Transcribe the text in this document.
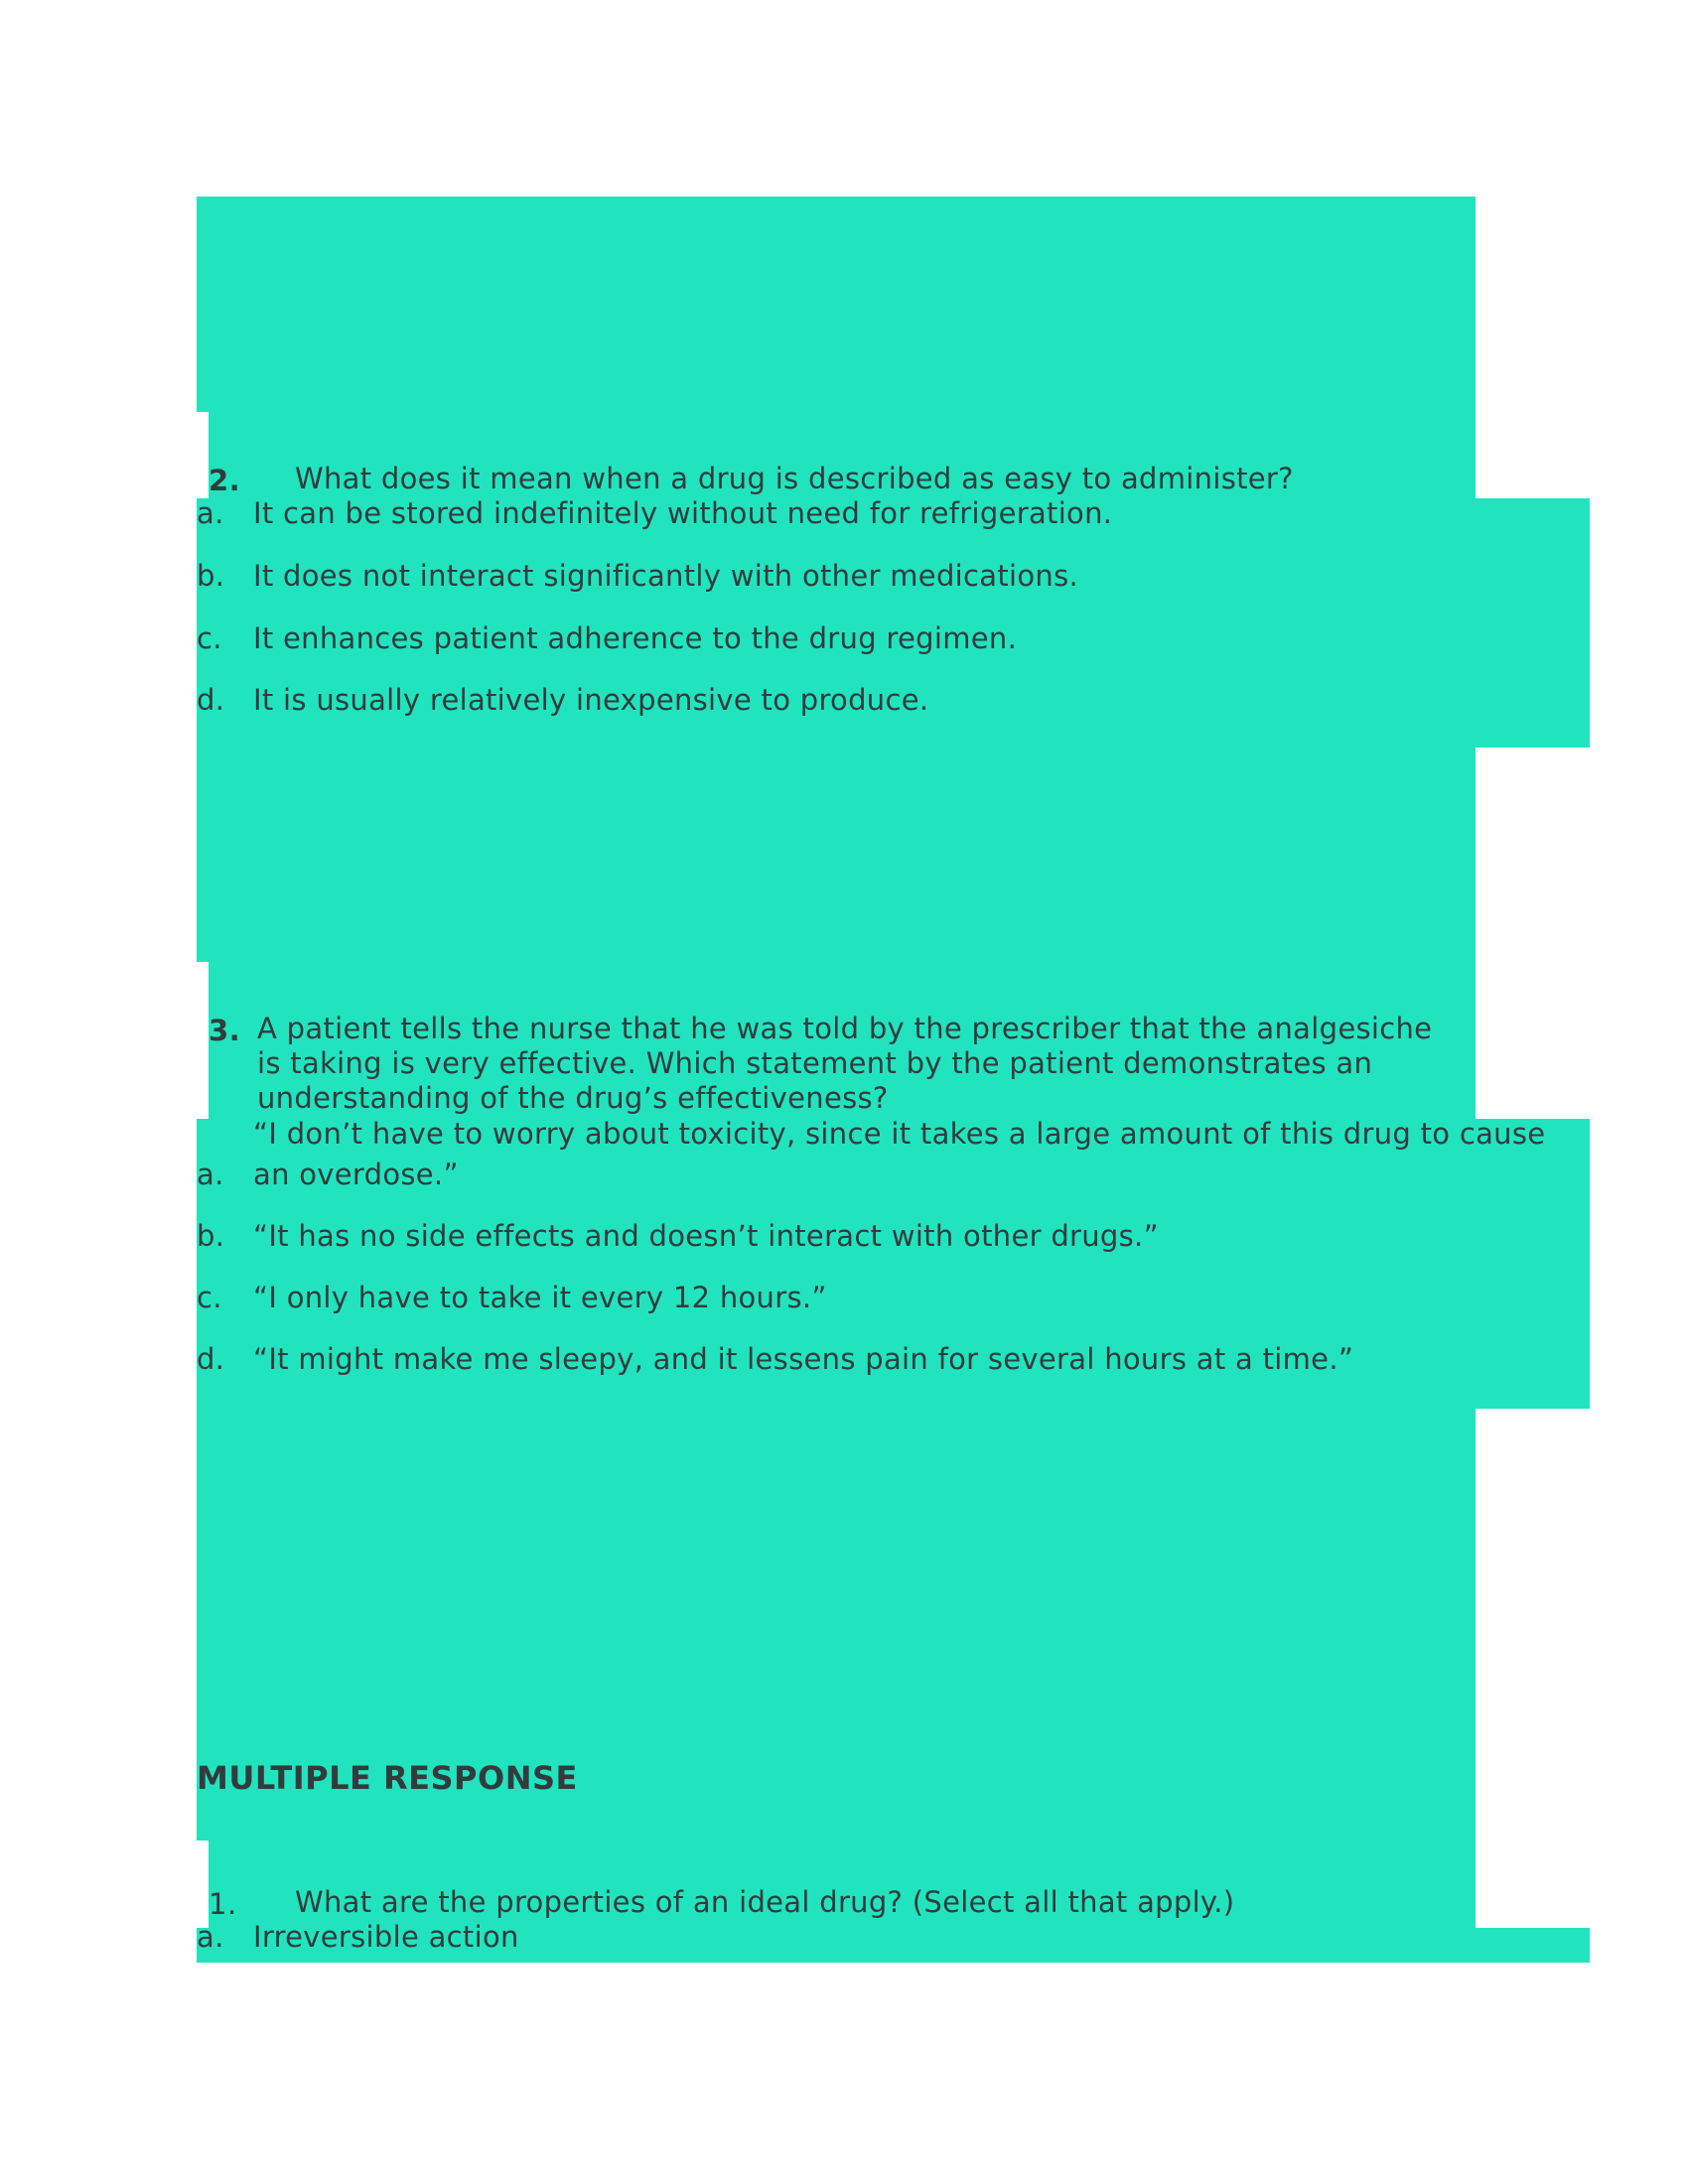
2. What does it mean when a drug is described as easy to administer?
a. It can be stored indefinitely without need for refrigeration.
b. It does not interact significantly with other medications.
c. It enhances patient adherence to the drug regimen.
d. It is usually relatively inexpensive to produce.
3. A patient tells the nurse that he was told by the prescriber that the analgesiche
is taking is very effective. Which statement by the patient demonstrates an
understanding of the drug’s effectiveness?
“I don’t have to worry about toxicity, since it takes a large amount of this drug to cause
a. an overdose.”
b. “It has no side effects and doesn’t interact with other drugs.”
c. “I only have to take it every 12 hours.”
d. “It might make me sleepy, and it lessens pain for several hours at a time.”
MULTIPLE RESPONSE
1. What are the properties of an ideal drug? (Select all that apply.)
a. Irreversible action
